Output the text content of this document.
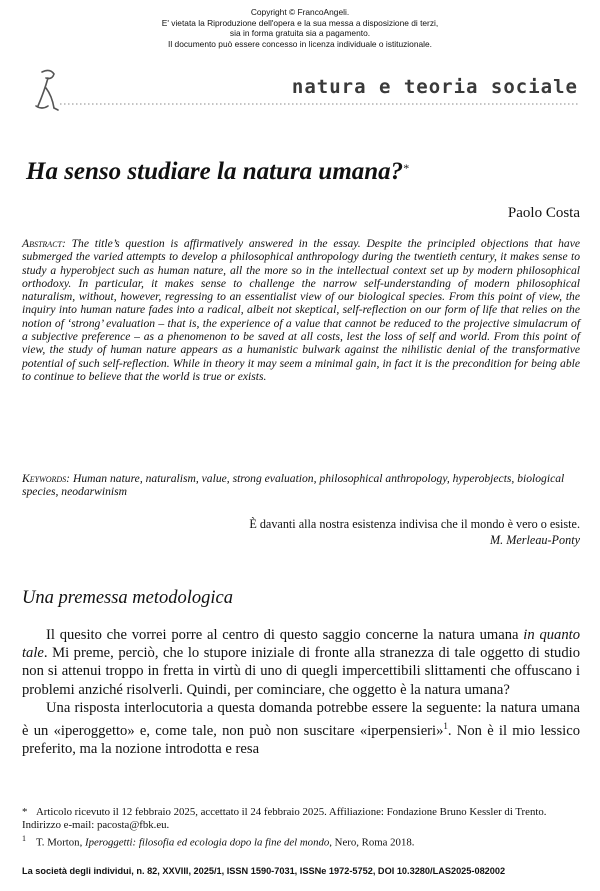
Copyright © FrancoAngeli.
E' vietata la Riproduzione dell'opera e la sua messa a disposizione di terzi,
sia in forma gratuita sia a pagamento.
Il documento può essere concesso in licenza individuale o istituzionale.
natura e teoria sociale
Ha senso studiare la natura umana?*
Paolo Costa

Abstract: The title’s question is affirmatively answered in the essay. Despite the principled objections that have submerged the varied attempts to develop a philosophical anthropology during the twentieth century, it makes sense to study a hyperobject such as human nature, all the more so in the intellectual context set up by modern philosophical orthodoxy. In particular, it makes sense to challenge the narrow self-understanding of modern philosophical naturalism, without, however, regressing to an essentialist view of our biological species. From this point of view, the inquiry into human nature fades into a radical, albeit not skeptical, self-reflection on our form of life that relies on the notion of ‘strong’ evaluation – that is, the experience of a value that cannot be reduced to the projective simulacrum of a subjective preference – as a phenomenon to be saved at all costs, lest the loss of self and world. From this point of view, the study of human nature appears as a humanistic bulwark against the nihilistic denial of the transformative potential of such self-reflection. While in theory it may seem a minimal gain, in fact it is the precondition for being able to continue to believe that the world is true or exists.

Keywords: Human nature, naturalism, value, strong evaluation, philosophical anthropology, hyperobjects, biological species, neodarwinism

È davanti alla nostra esistenza indivisa che il mondo è vero o esiste.
M. Merleau-Ponty
Una premessa metodologica

Il quesito che vorrei porre al centro di questo saggio concerne la natura umana in quanto tale. Mi preme, perciò, che lo stupore iniziale di fronte alla stranezza di tale oggetto di studio non si attenui troppo in fretta in virtù di uno di quegli impercettibili slittamenti che offuscano i problemi anziché risolverli. Quindi, per cominciare, che oggetto è la natura umana?

Una risposta interlocutoria a questa domanda potrebbe essere la seguente: la natura umana è un «iperoggetto» e, come tale, non può non suscitare «iperpensieri»$^1$. Non è il mio lessico preferito, ma la nozione introdotta e resa

* Articolo ricevuto il 12 febbraio 2025, accettato il 24 febbraio 2025. Affiliazione: Fondazione Bruno Kessler di Trento. Indirizzo e-mail: pacosta@fbk.eu.
$^1$ T. Morton, Iperoggetti: filosofia ed ecologia dopo la fine del mondo, Nero, Roma 2018.
La società degli individui, n. 82, XXVIII, 2025/1, ISSN 1590-7031, ISSNe 1972-5752, DOI 10.3280/LAS2025-082002
